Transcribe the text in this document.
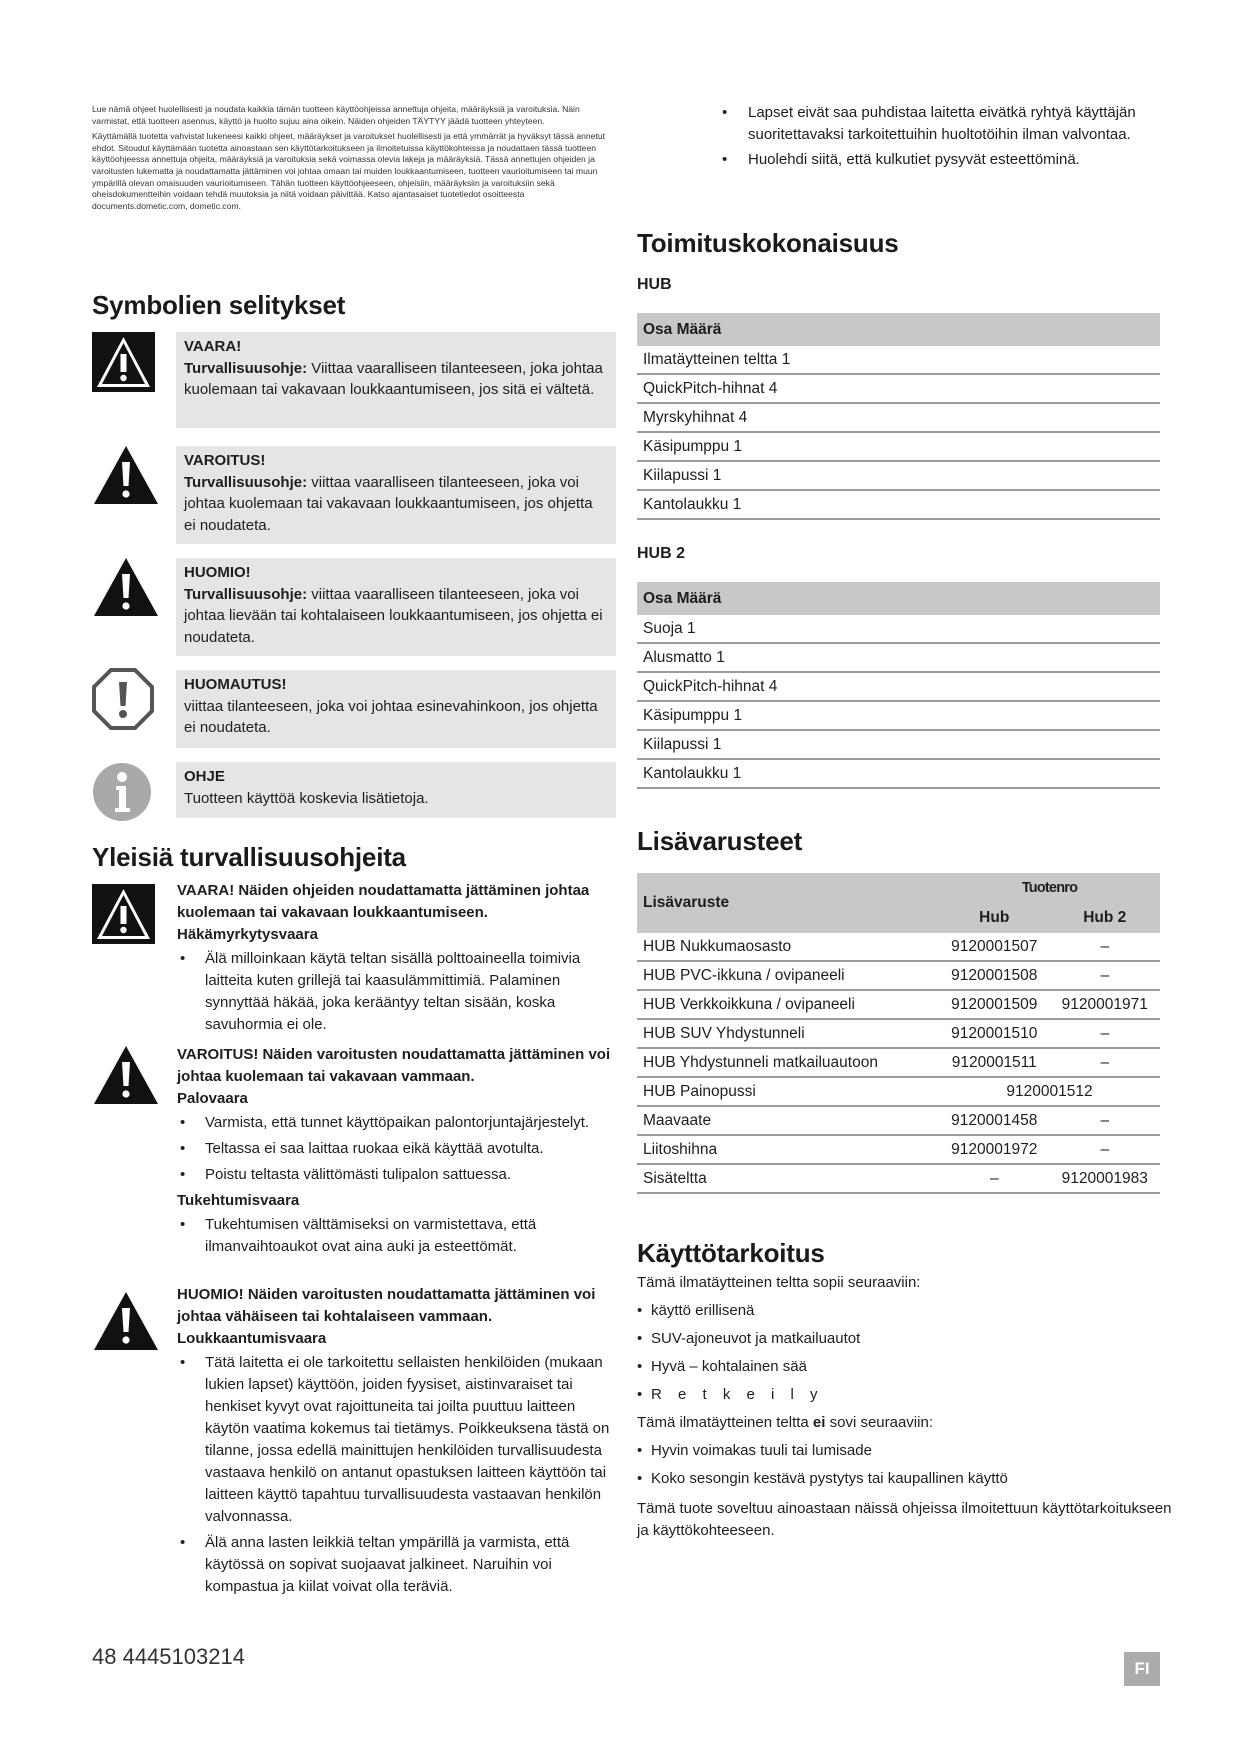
Lue nämä ohjeet huolellisesti ja noudata kaikkia tämän tuotteen käyttöohjeissa annettuja ohjeita, määräyksiä ja varoituksia. Näin varmistat, että tuotteen asennus, käyttö ja huolto sujuu aina oikein. Näiden ohjeiden TÄYTYY jäädä tuotteen yhteyteen.

Käyttämällä tuotetta vahvistat lukeneesi kaikki ohjeet, määräykset ja varoitukset huolellisesti ja että ymmärrät ja hyväksyt tässä annetut ehdot. Sitoudut käyttämään tuotetta ainoastaan sen käyttötarkoitukseen ja ilmoitetuissa käyttökohteissa ja noudattaen tässä tuotteen käyttöohjeessa annettuja ohjeita, määräyksiä ja varoituksia sekä voimassa olevia lakeja ja määräyksiä. Tässä annettujen ohjeiden ja varoitusten lukematta ja noudattamatta jättäminen voi johtaa omaan tai muiden loukkaantumiseen, tuotteen vaurioitumiseen tai muun ympärillä olevan omaisuuden vaurioitumiseen. Tähän tuotteen käyttöohjeeseen, ohjeisiin, määräyksiin ja varoituksiin sekä oheisdokumentteihin voidaan tehdä muutoksia ja niitä voidaan päivittää. Katso ajantasaiset tuotetiedot osoitteesta documents.dometic.com, dometic.com.

Symbolien selitykset
VAARA!
Turvallisuusohje: Viittaa vaaralliseen tilanteeseen, joka johtaa kuolemaan tai vakavaan loukkaantumiseen, jos sitä ei vältetä.
VAROITUS!
Turvallisuusohje: viittaa vaaralliseen tilanteeseen, joka voi johtaa kuolemaan tai vakavaan loukkaantumiseen, jos ohjetta ei noudateta.
HUOMIO!
Turvallisuusohje: viittaa vaaralliseen tilanteeseen, joka voi johtaa lievään tai kohtalaiseen loukkaantumiseen, jos ohjetta ei noudateta.
HUOMAUTUS!
viittaa tilanteeseen, joka voi johtaa esinevahinkoon, jos ohjetta ei noudateta.
OHJE
Tuotteen käyttöä koskevia lisätietoja.
Yleisiä turvallisuusohjeita
VAARA! Näiden ohjeiden noudattamatta jättäminen johtaa kuolemaan tai vakavaan loukkaantumiseen.
Häkämyrkytysvaara
• Älä milloinkaan käytä teltan sisällä polttoaineella toimivia laitteita kuten grillejä tai kaasulämmittimiä. Palaminen synnyttää häkää, joka kerääntyy teltan sisään, koska savuhormia ei ole.
VAROITUS! Näiden varoitusten noudattamatta jättäminen voi johtaa kuolemaan tai vakavaan vammaan.
Palovaara
• Varmista, että tunnet käyttöpaikan palontorjuntajärjestelyt.
• Teltassa ei saa laittaa ruokaa eikä käyttää avotulta.
• Poistu teltasta välittömästi tulipalon sattuessa.
Tukehtumisvaara
• Tukehtumisen välttämiseksi on varmistettava, että ilmanvaihtoaukot ovat aina auki ja esteettömät.
HUOMIO! Näiden varoitusten noudattamatta jättäminen voi johtaa vähäiseen tai kohtalaiseen vammaan.
Loukkaantumisvaara
• Tätä laitetta ei ole tarkoitettu sellaisten henkilöiden (mukaan lukien lapset) käyttöön, joiden fyysiset, aistinvaraiset tai henkiset kyvyt ovat rajoittuneita tai joilta puuttuu laitteen käytön vaatima kokemus tai tietämys. Poikkeuksena tästä on tilanne, jossa edellä mainittujen henkilöiden turvallisuudesta vastaava henkilö on antanut opastuksen laitteen käyttöön tai laitteen käyttö tapahtuu turvallisuudesta vastaavan henkilön valvonnassa.
• Älä anna lasten leikkiä teltan ympärillä ja varmista, että käytössä on sopivat suojaavat jalkineet. Naruihin voi kompastua ja kiilat voivat olla teräviä.
• Lapset eivät saa puhdistaa laitetta eivätkä ryhtyä käyttäjän suoritettavaksi tarkoitettuihin huoltotöihin ilman valvontaa.
• Huolehdi siitä, että kulkutiet pysyvät esteettöminä.
Toimituskokonaisuus
HUB
Osa Määrä
Ilmatäytteinen teltta 1
QuickPitch-hihnat 4
Myrskyhihnat 4
Käsipumppu 1
Kiilapussi 1
Kantolaukku 1
HUB 2
Osa Määrä
Suoja 1
Alusmatto 1
QuickPitch-hihnat 4
Käsipumppu 1
Kiilapussi 1
Kantolaukku 1
Lisävarusteet
Lisävaruste	Tuotenro	
	Hub	Hub 2
HUB Nukkumaosasto	9120001507	–
HUB PVC-ikkuna / ovipaneeli	9120001508	–
HUB Verkkoikkuna / ovipaneeli	9120001509	9120001971
HUB SUV Yhdystunneli	9120001510	–
HUB Yhdystunneli matkailuautoon	9120001511	–
HUB Painopussi	9120001512	
Maavaate	9120001458	–
Liitoshihna	9120001972	–
Sisäteltta	–	9120001983
Käyttötarkoitus

Tämä ilmatäytteinen teltta sopii seuraaviin:

• käyttö erillisenä
• SUV-ajoneuvot ja matkailuautot
• Hyvä – kohtalainen sää
• R e t k e i l y

Tämä ilmatäytteinen teltta ei sovi seuraaviin:

• Hyvin voimakas tuuli tai lumisade
• Koko sesongin kestävä pystytys tai kaupallinen käyttö

Tämä tuote soveltuu ainoastaan näissä ohjeissa ilmoitettuun käyttötarkoitukseen ja käyttökohteeseen.

48 4445103214	FI
